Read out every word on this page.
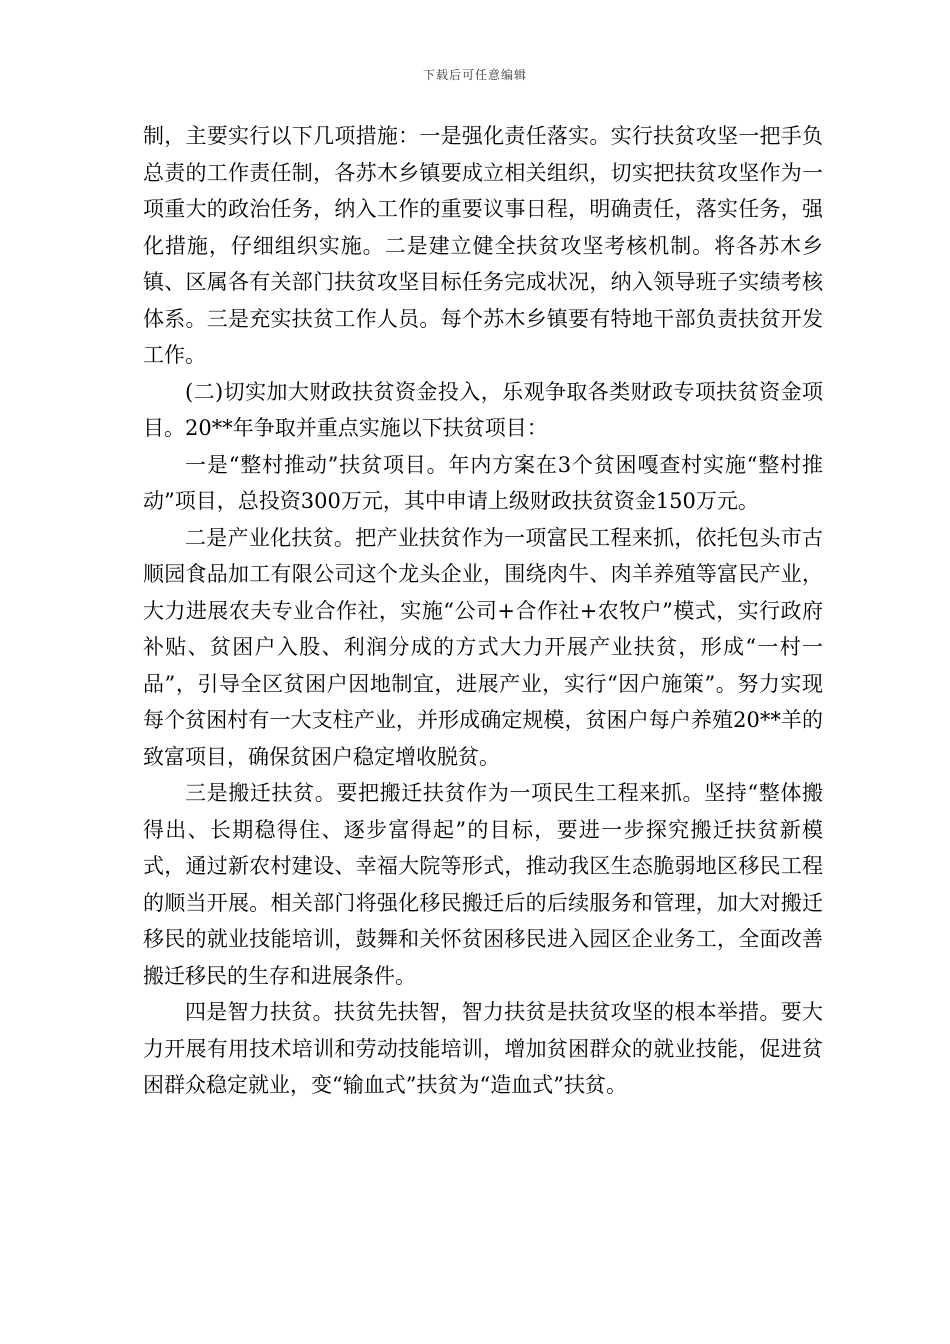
下载后可任意编辑

制，主要实行以下几项措施：一是强化责任落实。实行扶贫攻坚一把手负总责的工作责任制，各苏木乡镇要成立相关组织，切实把扶贫攻坚作为一项重大的政治任务，纳入工作的重要议事日程，明确责任，落实任务，强化措施，仔细组织实施。二是建立健全扶贫攻坚考核机制。将各苏木乡镇、区属各有关部门扶贫攻坚目标任务完成状况，纳入领导班子实绩考核体系。三是充实扶贫工作人员。每个苏木乡镇要有特地干部负责扶贫开发工作。

(二)切实加大财政扶贫资金投入，乐观争取各类财政专项扶贫资金项目。20**年争取并重点实施以下扶贫项目：

一是“整村推动”扶贫项目。年内方案在3个贫困嘎查村实施“整村推动”项目，总投资300万元，其中申请上级财政扶贫资金150万元。

二是产业化扶贫。把产业扶贫作为一项富民工程来抓，依托包头市古顺园食品加工有限公司这个龙头企业，围绕肉牛、肉羊养殖等富民产业，大力进展农夫专业合作社，实施“公司+合作社+农牧户”模式，实行政府补贴、贫困户入股、利润分成的方式大力开展产业扶贫，形成“一村一品”，引导全区贫困户因地制宜，进展产业，实行“因户施策”。努力实现每个贫困村有一大支柱产业，并形成确定规模，贫困户每户养殖20**羊的致富项目，确保贫困户稳定增收脱贫。

三是搬迁扶贫。要把搬迁扶贫作为一项民生工程来抓。坚持“整体搬得出、长期稳得住、逐步富得起”的目标，要进一步探究搬迁扶贫新模式，通过新农村建设、幸福大院等形式，推动我区生态脆弱地区移民工程的顺当开展。相关部门将强化移民搬迁后的后续服务和管理，加大对搬迁移民的就业技能培训，鼓舞和关怀贫困移民进入园区企业务工，全面改善搬迁移民的生存和进展条件。

四是智力扶贫。扶贫先扶智，智力扶贫是扶贫攻坚的根本举措。要大力开展有用技术培训和劳动技能培训，增加贫困群众的就业技能，促进贫困群众稳定就业，变“输血式”扶贫为“造血式”扶贫。
